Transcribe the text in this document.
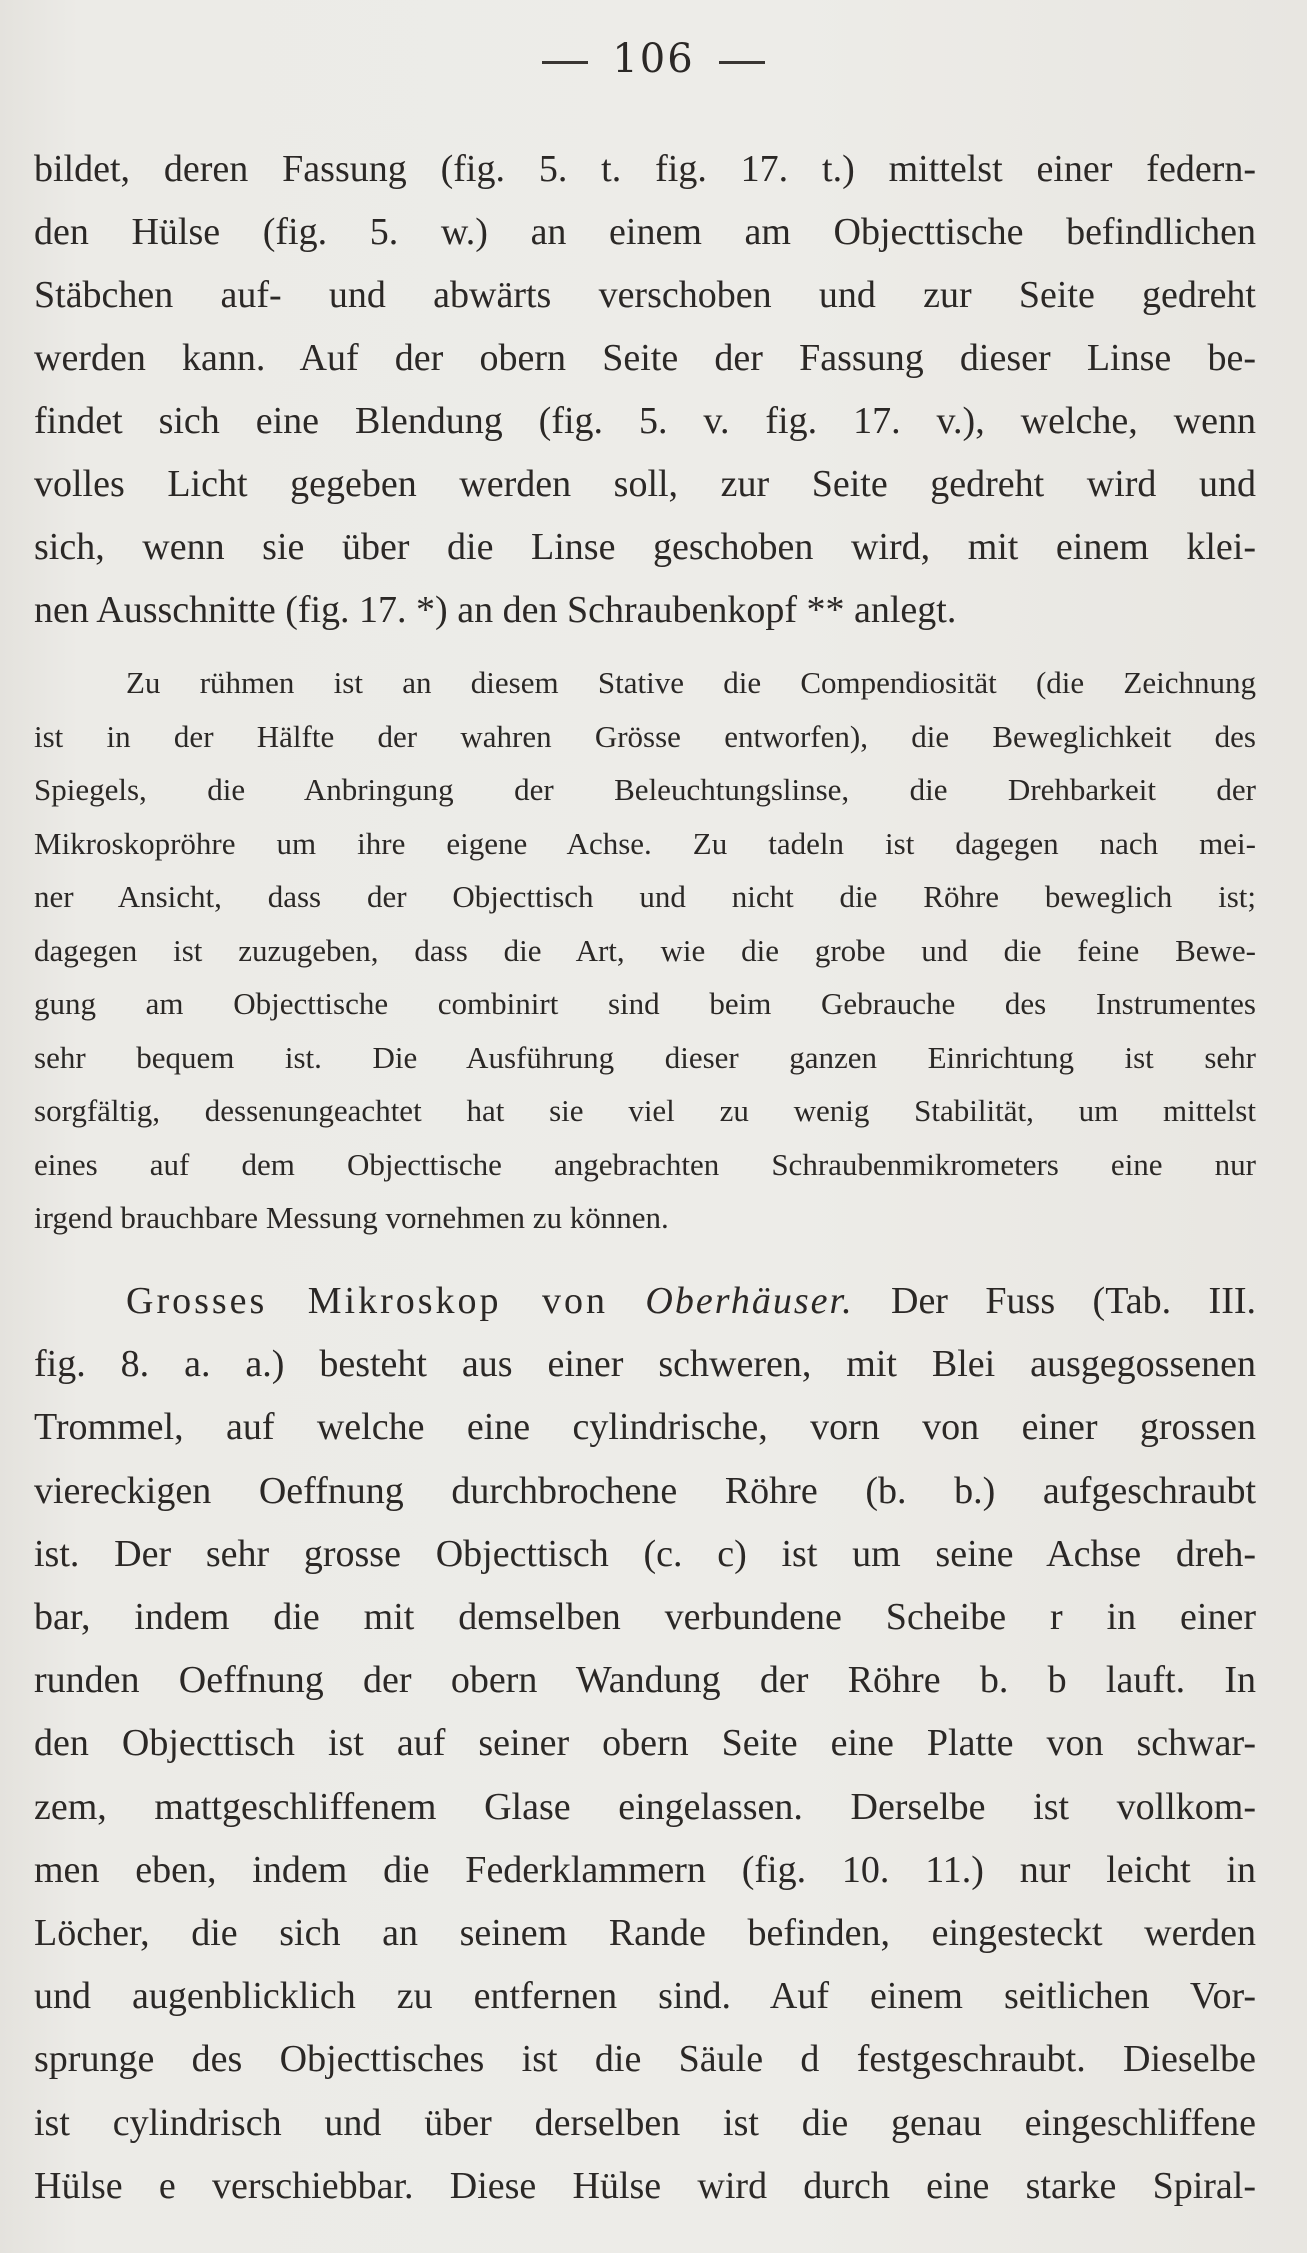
106
bildet, deren Fassung (fig. 5. t. fig. 17. t.) mittelst einer federn-
den Hülse (fig. 5. w.) an einem am Objecttische befindlichen
Stäbchen auf- und abwärts verschoben und zur Seite gedreht
werden kann. Auf der obern Seite der Fassung dieser Linse be-
findet sich eine Blendung (fig. 5. v. fig. 17. v.), welche, wenn
volles Licht gegeben werden soll, zur Seite gedreht wird und
sich, wenn sie über die Linse geschoben wird, mit einem klei-
nen Ausschnitte (fig. 17. *) an den Schraubenkopf ** anlegt.
Zu rühmen ist an diesem Stative die Compendiosität (die Zeichnung
ist in der Hälfte der wahren Grösse entworfen), die Beweglichkeit des
Spiegels, die Anbringung der Beleuchtungslinse, die Drehbarkeit der
Mikroskopröhre um ihre eigene Achse. Zu tadeln ist dagegen nach mei-
ner Ansicht, dass der Objecttisch und nicht die Röhre beweglich ist;
dagegen ist zuzugeben, dass die Art, wie die grobe und die feine Bewe-
gung am Objecttische combinirt sind beim Gebrauche des Instrumentes
sehr bequem ist. Die Ausführung dieser ganzen Einrichtung ist sehr
sorgfältig, dessenungeachtet hat sie viel zu wenig Stabilität, um mittelst
eines auf dem Objecttische angebrachten Schraubenmikrometers eine nur
irgend brauchbare Messung vornehmen zu können.
Grosses Mikroskop von Oberhäuser. Der Fuss (Tab. III.
fig. 8. a. a.) besteht aus einer schweren, mit Blei ausgegossenen
Trommel, auf welche eine cylindrische, vorn von einer grossen
viereckigen Oeffnung durchbrochene Röhre (b. b.) aufgeschraubt
ist. Der sehr grosse Objecttisch (c. c) ist um seine Achse dreh-
bar, indem die mit demselben verbundene Scheibe r in einer
runden Oeffnung der obern Wandung der Röhre b. b lauft. In
den Objecttisch ist auf seiner obern Seite eine Platte von schwar-
zem, mattgeschliffenem Glase eingelassen. Derselbe ist vollkom-
men eben, indem die Federklammern (fig. 10. 11.) nur leicht in
Löcher, die sich an seinem Rande befinden, eingesteckt werden
und augenblicklich zu entfernen sind. Auf einem seitlichen Vor-
sprunge des Objecttisches ist die Säule d festgeschraubt. Dieselbe
ist cylindrisch und über derselben ist die genau eingeschliffene
Hülse e verschiebbar. Diese Hülse wird durch eine starke Spiral-
